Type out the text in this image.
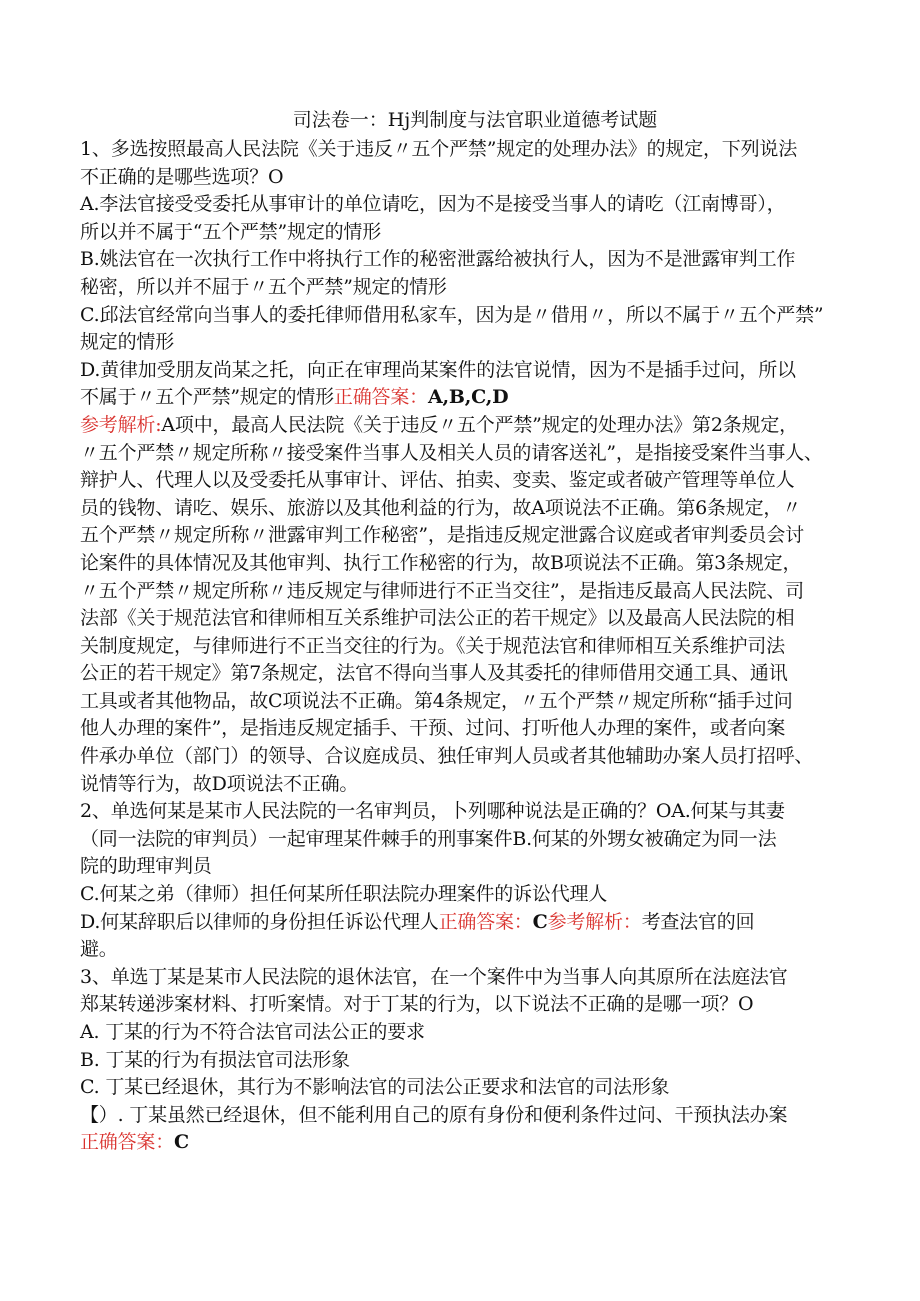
司法卷一：Hj判制度与法官职业道德考试题
1、多选按照最高人民法院《关于违反〃五个严禁”规定的处理办法》的规定，下列说法
不正确的是哪些选项？O
A.李法官接受受委托从事审计的单位请吃，因为不是接受当事人的请吃（江南博哥），
所以并不属于“五个严禁”规定的情形
B.姚法官在一次执行工作中将执行工作的秘密泄露给被执行人，因为不是泄露审判工作
秘密，所以并不屈于〃五个严禁”规定的情形
C.邱法官经常向当事人的委托律师借用私家车，因为是〃借用〃，所以不属于〃五个严禁”
规定的情形
D.黄律加受朋友尚某之托，向正在审理尚某案件的法官说情，因为不是插手过问，所以
不属于〃五个严禁”规定的情形正确答案：A,B,C,D
参考解析:A项中，最高人民法院《关于违反〃五个严禁”规定的处理办法》第2条规定，
〃五个严禁〃规定所称〃接受案件当事人及相关人员的请客送礼”，是指接受案件当事人、
辩护人、代理人以及受委托从事审计、评估、拍卖、变卖、鉴定或者破产管理等单位人
员的钱物、请吃、娱乐、旅游以及其他利益的行为，故A项说法不正确。第6条规定，〃
五个严禁〃规定所称〃泄露审判工作秘密”，是指违反规定泄露合议庭或者审判委员会讨
论案件的具体情况及其他审判、执行工作秘密的行为，故B项说法不正确。第3条规定，
〃五个严禁〃规定所称〃违反规定与律师进行不正当交往”，是指违反最高人民法院、司
法部《关于规范法官和律师相互关系维护司法公正的若干规定》以及最高人民法院的相
关制度规定，与律师进行不正当交往的行为。《关于规范法官和律师相互关系维护司法
公正的若干规定》第7条规定，法官不得向当事人及其委托的律师借用交通工具、通讯
工具或者其他物品，故C项说法不正确。第4条规定，〃五个严禁〃规定所称“插手过问
他人办理的案件”，是指违反规定插手、干预、过问、打听他人办理的案件，或者向案
件承办单位（部门）的领导、合议庭成员、独任审判人员或者其他辅助办案人员打招呼、
说情等行为，故D项说法不正确。
2、单选何某是某市人民法院的一名审判员，卜列哪种说法是正确的？OA.何某与其妻
（同一法院的审判员）一起审理某件棘手的刑事案件B.何某的外甥女被确定为同一法
院的助理审判员
C.何某之弟（律师）担任何某所任职法院办理案件的诉讼代理人
D.何某辞职后以律师的身份担任诉讼代理人正确答案：C参考解析：考查法官的回
避。
3、单选丁某是某市人民法院的退休法官，在一个案件中为当事人向其原所在法庭法官
郑某转递涉案材料、打听案情。对于丁某的行为，以下说法不正确的是哪一项？O
A. 丁某的行为不符合法官司法公正的要求
B. 丁某的行为有损法官司法形象
C. 丁某已经退休，其行为不影响法官的司法公正要求和法官的司法形象
【）. 丁某虽然已经退休，但不能利用自己的原有身份和便利条件过问、干预执法办案
正确答案：C
